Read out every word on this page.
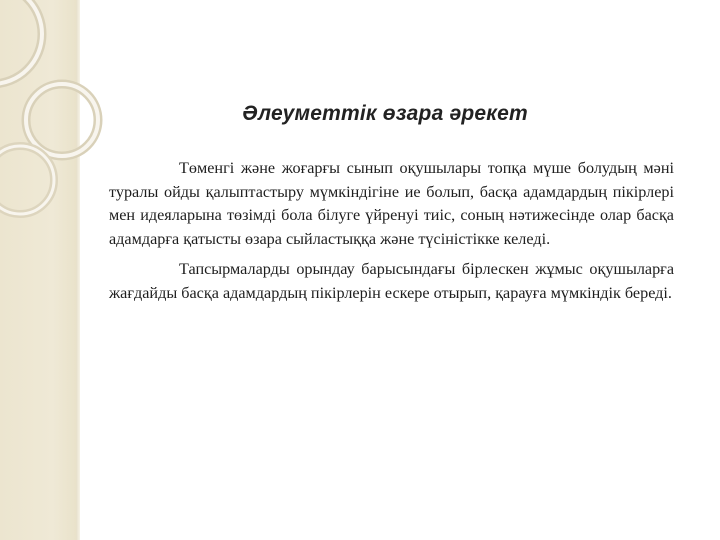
Әлеуметтік өзара әрекет

Төменгі және жоғарғы сынып оқушылары топқа мүше болудың мәні туралы ойды қалыптастыру мүмкіндігіне ие болып, басқа адамдардың пікірлері мен идеяларына төзімді бола білуге үйренуі тиіс, соның нәтижесінде олар басқа адамдарға қатысты өзара сыйластыққа және түсіністікке келеді.

Тапсырмаларды орындау барысындағы бірлескен жұмыс оқушыларға жағдайды басқа адамдардың пікірлерін ескере отырып, қарауға мүмкіндік береді.
